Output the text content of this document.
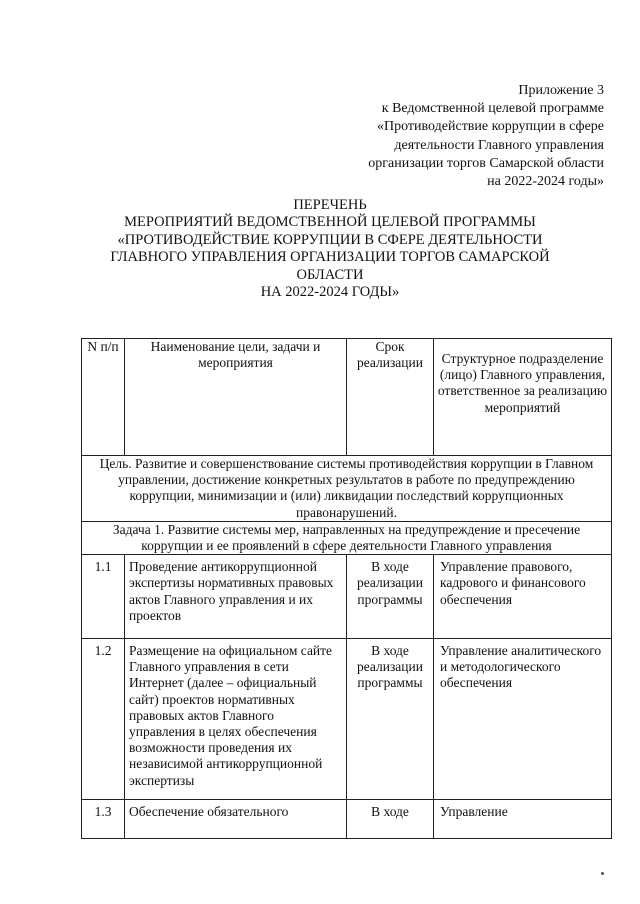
Приложение 3
к Ведомственной целевой программе
«Противодействие коррупции в сфере
деятельности Главного управления
организации торгов Самарской области
на 2022-2024 годы»
ПЕРЕЧЕНЬ
МЕРОПРИЯТИЙ ВЕДОМСТВЕННОЙ ЦЕЛЕВОЙ ПРОГРАММЫ
«ПРОТИВОДЕЙСТВИЕ КОРРУПЦИИ В СФЕРЕ ДЕЯТЕЛЬНОСТИ
ГЛАВНОГО УПРАВЛЕНИЯ ОРГАНИЗАЦИИ ТОРГОВ САМАРСКОЙ
ОБЛАСТИ
НА 2022-2024 ГОДЫ»
N п/п	Наименование цели, задачи и мероприятия	Срок реализации	Структурное подразделение (лицо) Главного управления, ответственное за реализацию мероприятий
Цель. Развитие и совершенствование системы противодействия коррупции в Главном управлении, достижение конкретных результатов в работе по предупреждению коррупции, минимизации и (или) ликвидации последствий коррупционных правонарушений.			
Задача 1. Развитие системы мер, направленных на предупреждение и пресечение коррупции и ее проявлений в сфере деятельности Главного управления			
1.1	Проведение антикоррупционной экспертизы нормативных правовых актов Главного управления и их проектов	В ходе реализации программы	Управление правового, кадрового и финансового обеспечения
1.2	Размещение на официальном сайте Главного управления в сети Интернет (далее – официальный сайт) проектов нормативных правовых актов Главного управления в целях обеспечения возможности проведения их независимой антикоррупционной экспертизы	В ходе реализации программы	Управление аналитического и методологического обеспечения
1.3	Обеспечение обязательного	В ходе	Управление
